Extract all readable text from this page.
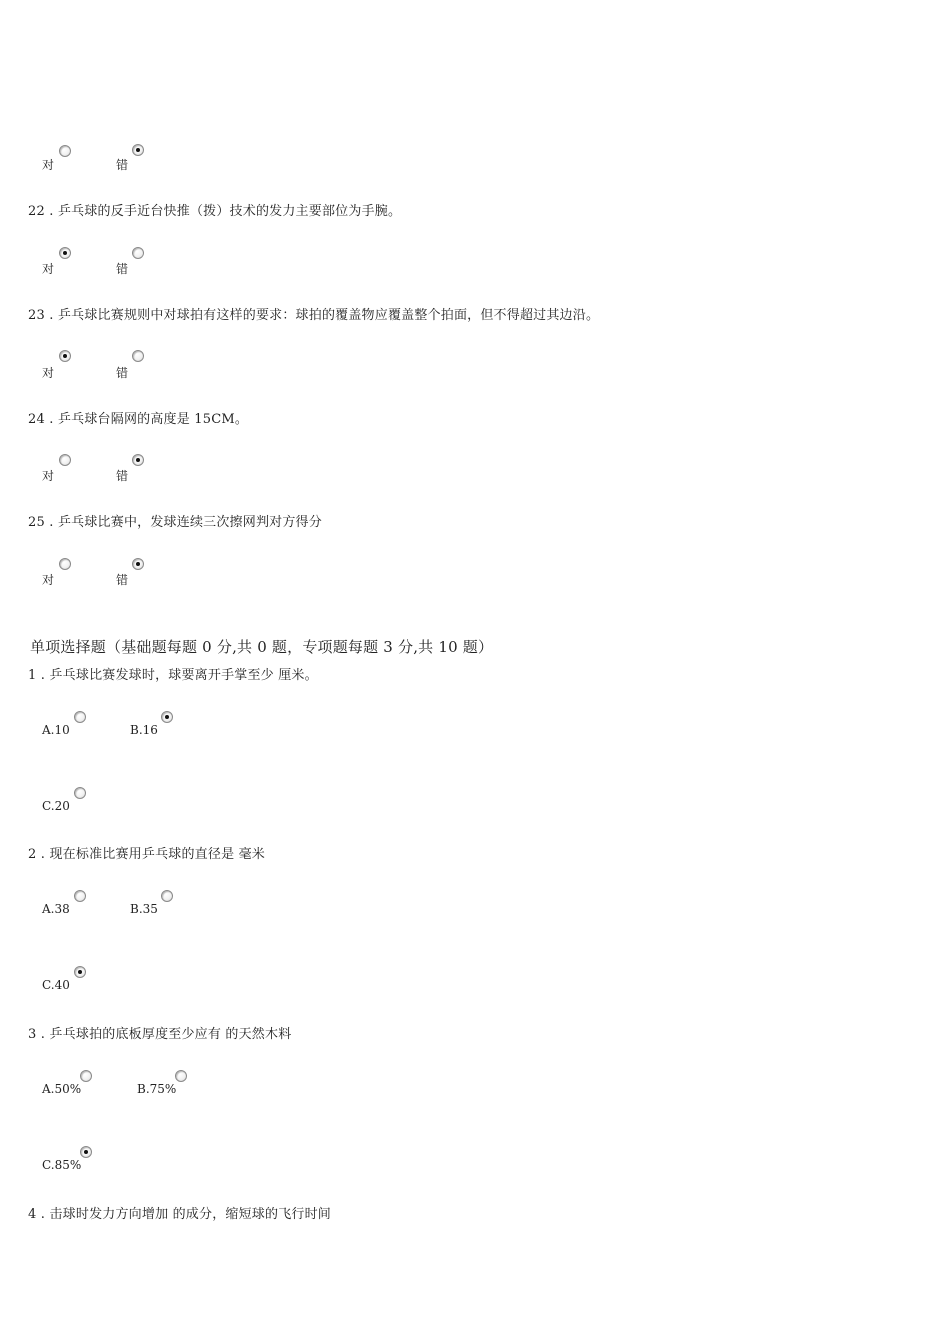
对	错
22 . 乒乓球的反手近台快推（拨）技术的发力主要部位为手腕。
对	错
23 . 乒乓球比赛规则中对球拍有这样的要求：球拍的覆盖物应覆盖整个拍面，但不得超过其边沿。
对	错
24 . 乒乓球台隔网的高度是 15CM。
对	错
25 . 乒乓球比赛中，发球连续三次擦网判对方得分
对	错
单项选择题（基础题每题 0 分,共 0 题，专项题每题 3 分,共 10 题）
1 . 乒乓球比赛发球时，球要离开手掌至少 厘米。
A.10	B.16
C.20
2 . 现在标准比赛用乒乓球的直径是 毫米
A.38	B.35
C.40
3 . 乒乓球拍的底板厚度至少应有 的天然木料
A.50%	B.75%
C.85%
4 . 击球时发力方向增加 的成分，缩短球的飞行时间
